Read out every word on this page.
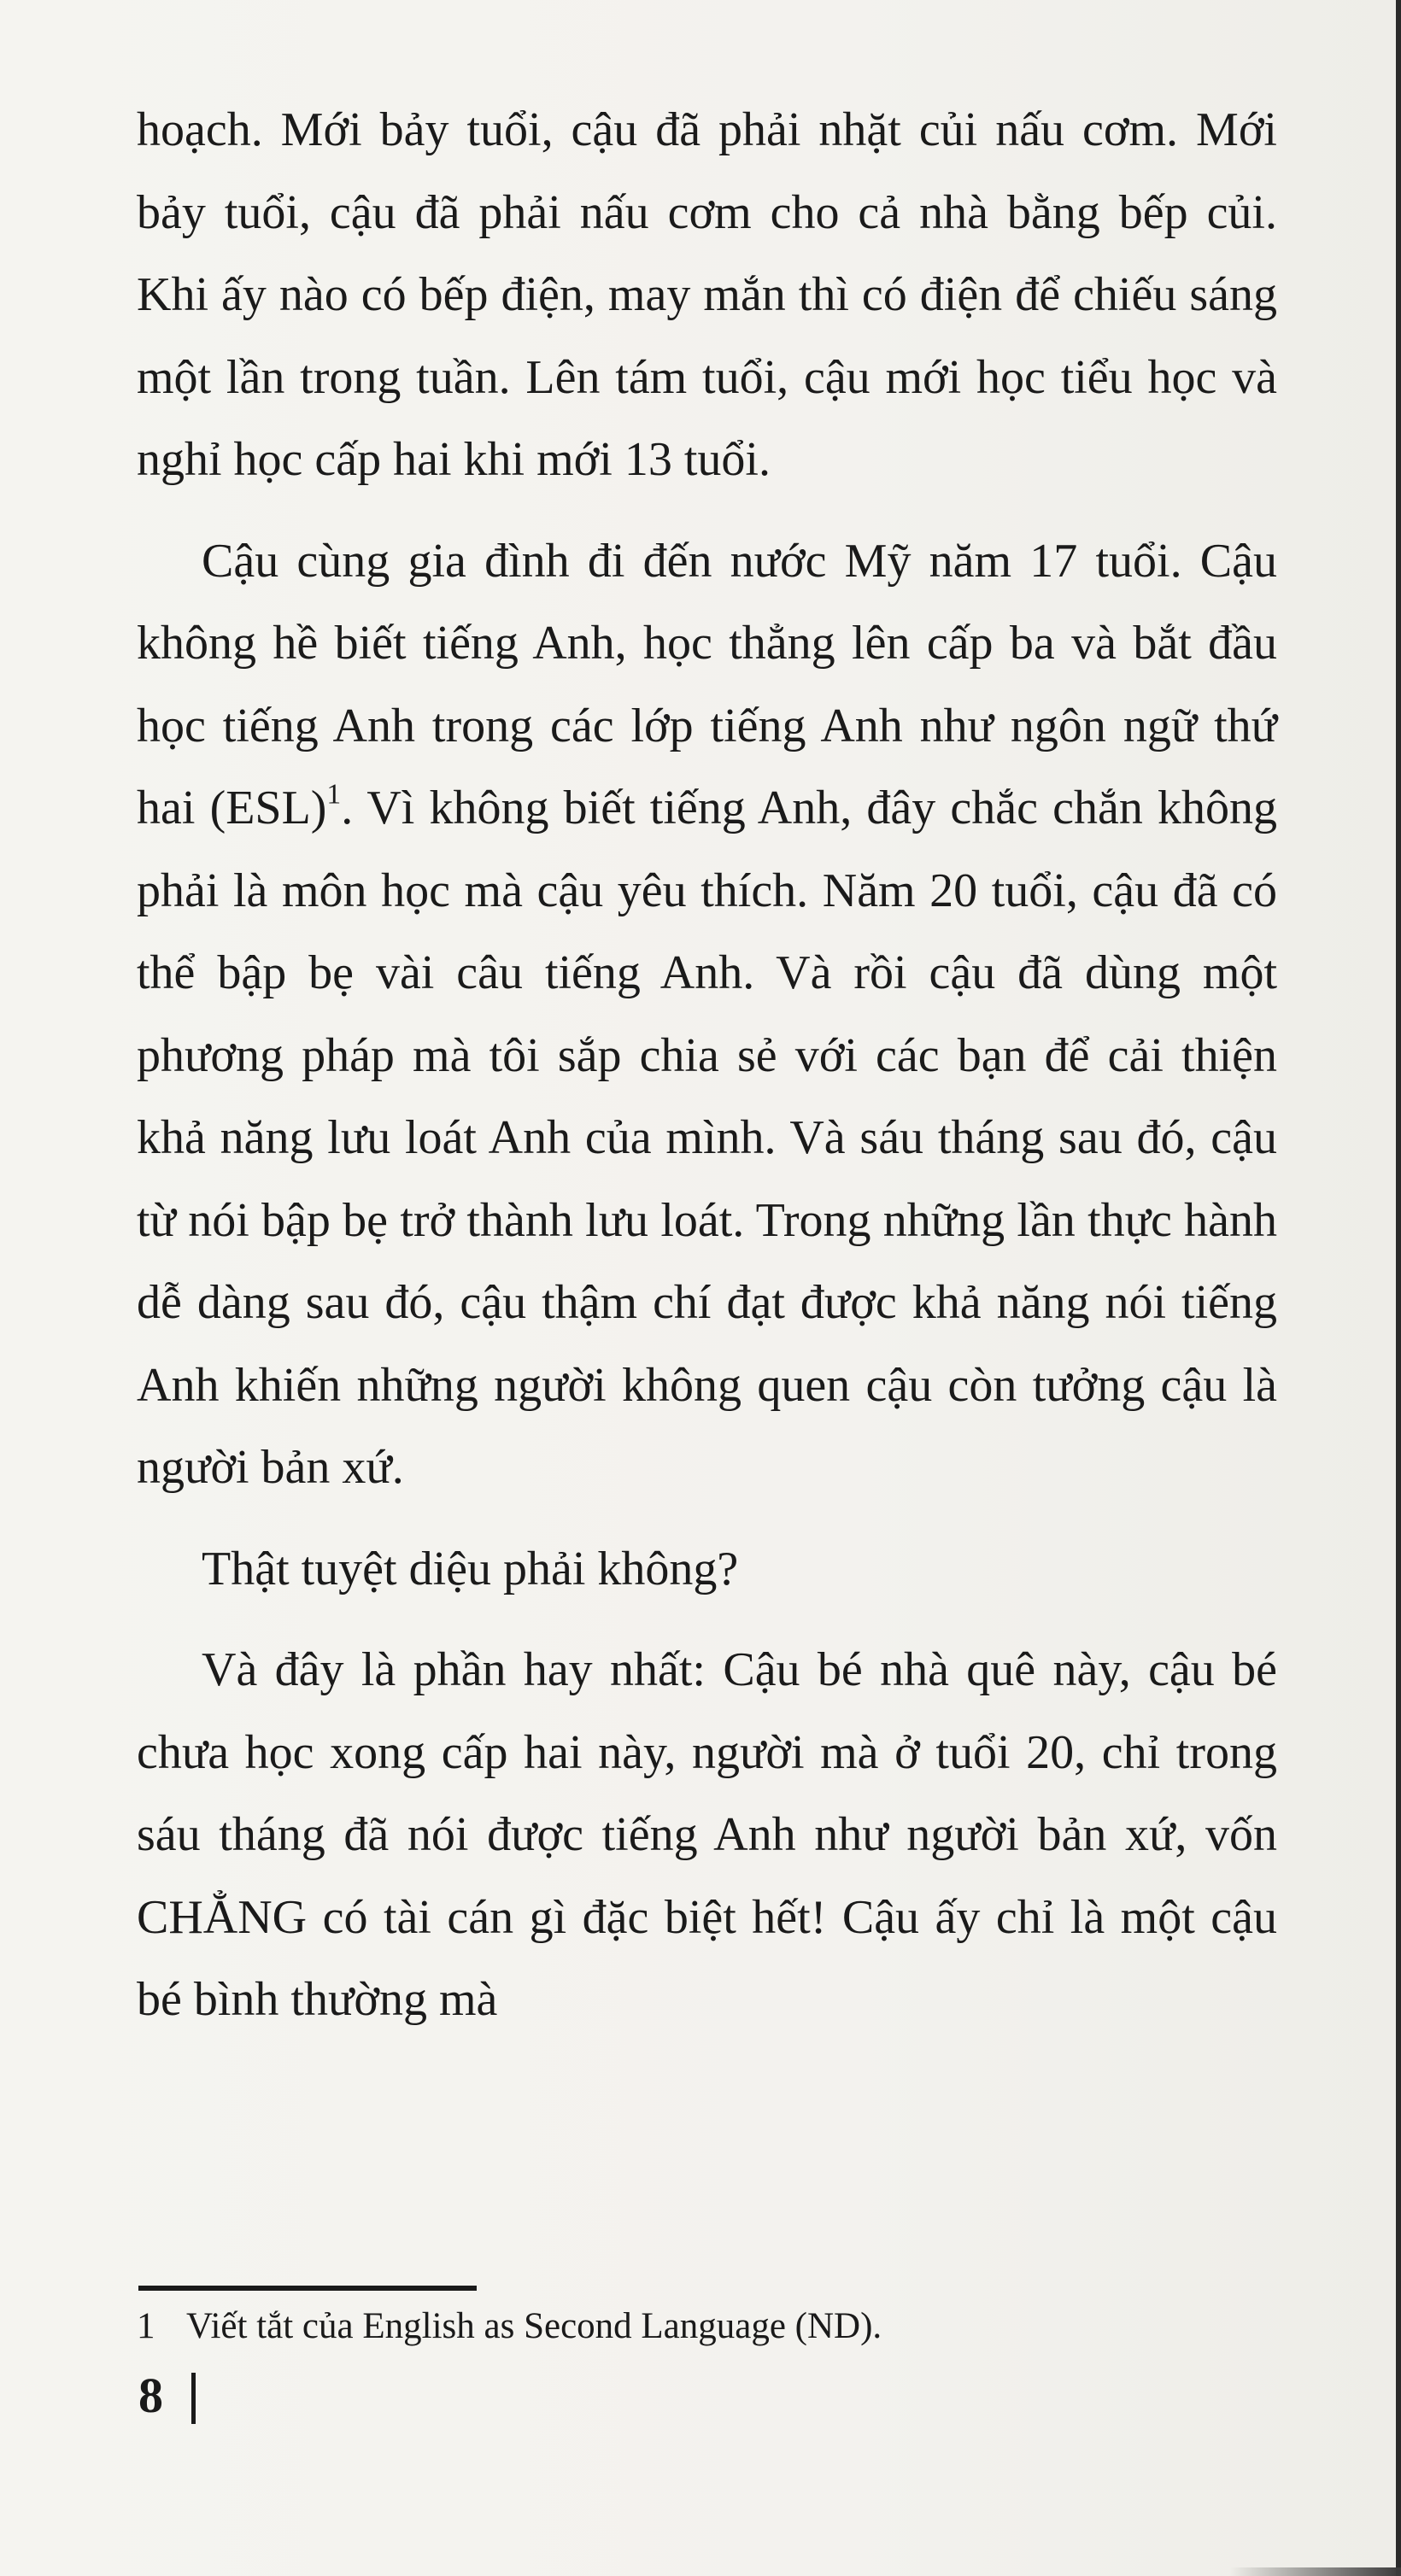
hoạch. Mới bảy tuổi, cậu đã phải nhặt củi nấu cơm. Mới bảy tuổi, cậu đã phải nấu cơm cho cả nhà bằng bếp củi. Khi ấy nào có bếp điện, may mắn thì có điện để chiếu sáng một lần trong tuần. Lên tám tuổi, cậu mới học tiểu học và nghỉ học cấp hai khi mới 13 tuổi.

Cậu cùng gia đình đi đến nước Mỹ năm 17 tuổi. Cậu không hề biết tiếng Anh, học thẳng lên cấp ba và bắt đầu học tiếng Anh trong các lớp tiếng Anh như ngôn ngữ thứ hai (ESL)$^1$. Vì không biết tiếng Anh, đây chắc chắn không phải là môn học mà cậu yêu thích. Năm 20 tuổi, cậu đã có thể bập bẹ vài câu tiếng Anh. Và rồi cậu đã dùng một phương pháp mà tôi sắp chia sẻ với các bạn để cải thiện khả năng lưu loát Anh của mình. Và sáu tháng sau đó, cậu từ nói bập bẹ trở thành lưu loát. Trong những lần thực hành dễ dàng sau đó, cậu thậm chí đạt được khả năng nói tiếng Anh khiến những người không quen cậu còn tưởng cậu là người bản xứ.

Thật tuyệt diệu phải không?

Và đây là phần hay nhất: Cậu bé nhà quê này, cậu bé chưa học xong cấp hai này, người mà ở tuổi 20, chỉ trong sáu tháng đã nói được tiếng Anh như người bản xứ, vốn CHẲNG có tài cán gì đặc biệt hết! Cậu ấy chỉ là một cậu bé bình thường mà

1 Viết tắt của English as Second Language (ND).
8
